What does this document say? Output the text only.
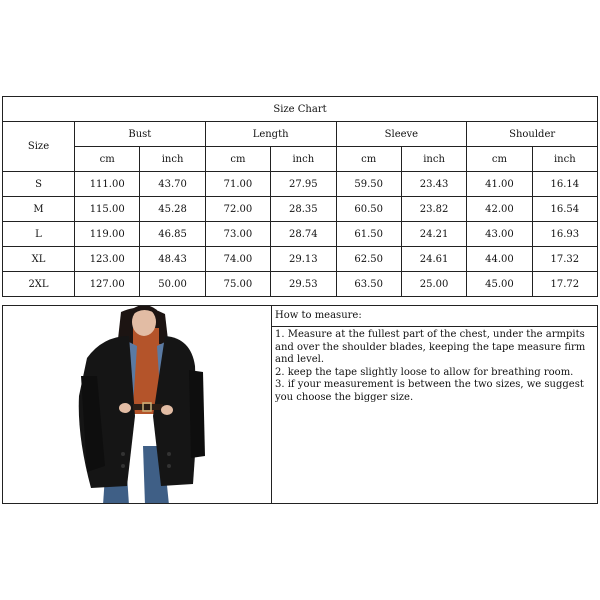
Size Chart								
Size	Bust		Length		Sleeve		Shoulder	
	cm	inch	cm	inch	cm	inch	cm	inch
S	111.00	43.70	71.00	27.95	59.50	23.43	41.00	16.14
M	115.00	45.28	72.00	28.35	60.50	23.82	42.00	16.54
L	119.00	46.85	73.00	28.74	61.50	24.21	43.00	16.93
XL	123.00	48.43	74.00	29.13	62.50	24.61	44.00	17.32
2XL	127.00	50.00	75.00	29.53	63.50	25.00	45.00	17.72
How to measure:

1. Measure at the fullest part of the chest, under the armpits and over the shoulder blades, keeping the tape measure firm and level.

2. keep the tape slightly loose to allow for breathing room.

3. if your measurement is between the two sizes, we suggest you choose the bigger size.
